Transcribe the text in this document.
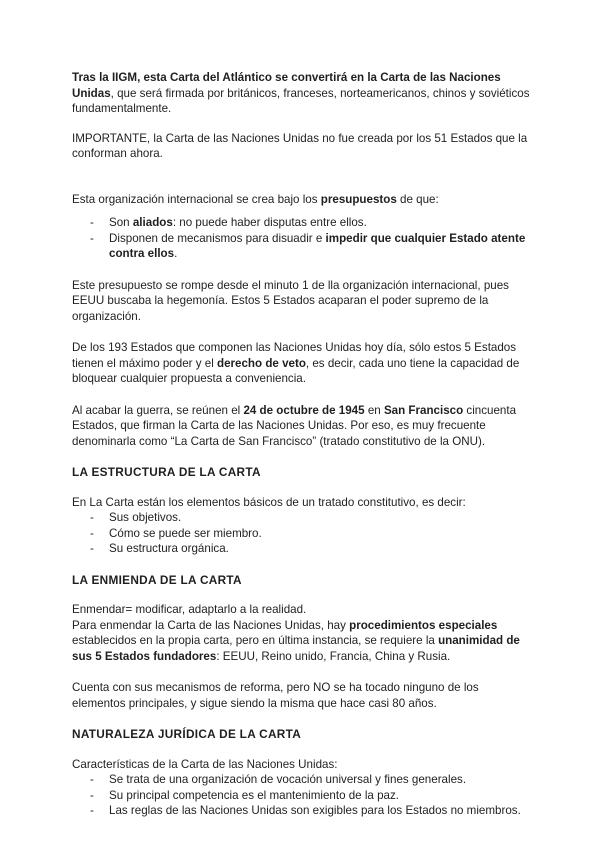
Tras la IIGM, esta Carta del Atlántico se convertirá en la Carta de las Naciones Unidas, que será firmada por británicos, franceses, norteamericanos, chinos y soviéticos fundamentalmente.

IMPORTANTE, la Carta de las Naciones Unidas no fue creada por los 51 Estados que la conforman ahora.

Esta organización internacional se crea bajo los presupuestos de que:

- Son aliados: no puede haber disputas entre ellos.
- Disponen de mecanismos para disuadir e impedir que cualquier Estado atente contra ellos.

Este presupuesto se rompe desde el minuto 1 de lla organización internacional, pues EEUU buscaba la hegemonía. Estos 5 Estados acaparan el poder supremo de la organización.

De los 193 Estados que componen las Naciones Unidas hoy día, sólo estos 5 Estados tienen el máximo poder y el derecho de veto, es decir, cada uno tiene la capacidad de bloquear cualquier propuesta a conveniencia.

Al acabar la guerra, se reúnen el 24 de octubre de 1945 en San Francisco cincuenta Estados, que firman la Carta de las Naciones Unidas. Por eso, es muy frecuente denominarla como “La Carta de San Francisco” (tratado constitutivo de la ONU).

LA ESTRUCTURA DE LA CARTA

En La Carta están los elementos básicos de un tratado constitutivo, es decir:

- Sus objetivos.
- Cómo se puede ser miembro.
- Su estructura orgánica.

LA ENMIENDA DE LA CARTA

Enmendar= modificar, adaptarlo a la realidad.

Para enmendar la Carta de las Naciones Unidas, hay procedimientos especiales establecidos en la propia carta, pero en última instancia, se requiere la unanimidad de sus 5 Estados fundadores: EEUU, Reino unido, Francia, China y Rusia.

Cuenta con sus mecanismos de reforma, pero NO se ha tocado ninguno de los elementos principales, y sigue siendo la misma que hace casi 80 años.

NATURALEZA JURÍDICA DE LA CARTA

Características de la Carta de las Naciones Unidas:

- Se trata de una organización de vocación universal y fines generales.
- Su principal competencia es el mantenimiento de la paz.
- Las reglas de las Naciones Unidas son exigibles para los Estados no miembros.
